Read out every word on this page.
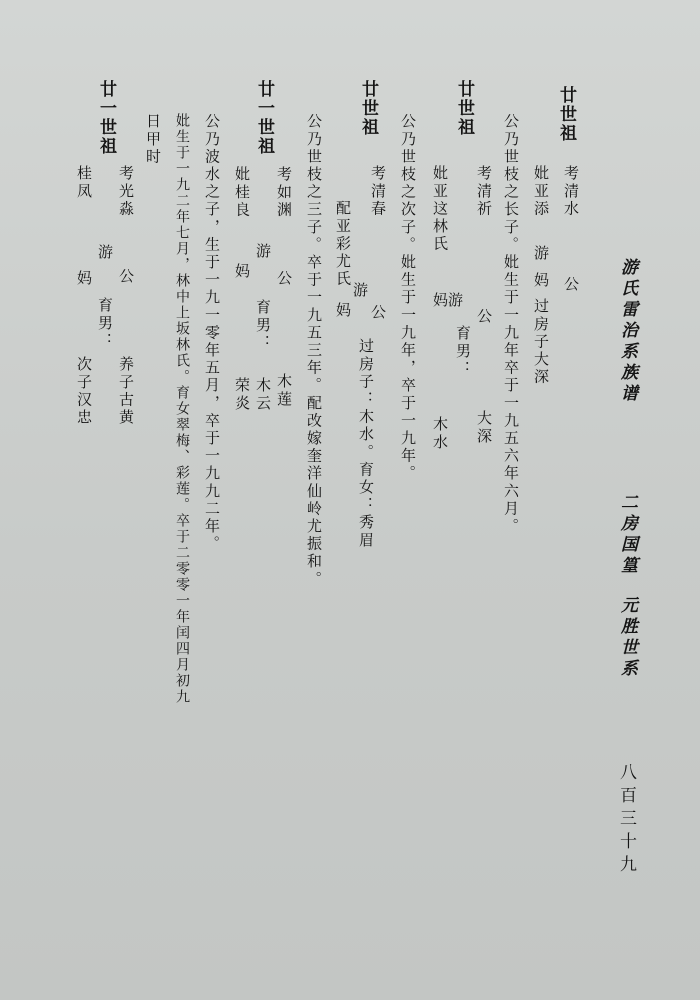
游氏雷治系族谱
二房国篁
元胜世系
八百三十九
廿世祖
考清水
公
妣亚添
游
妈
过房子大深
公乃世枝之长子。妣生于一九年卒于一九五六年六月。
廿世祖
考清祈
公
大深
妣亚这林氏
游
妈
育男：
木水
公乃世枝之次子。妣生于一九年，卒于一九年。
廿世祖
考清春
公
配亚彩尤氏
游
妈
过房子：木水。育女：秀眉
公乃世枝之三子。卒于一九五三年。配改嫁奎洋仙岭尤振和。
廿一世祖
考如渊
公
木莲
妣桂良
游
妈
育男：
木云
荣炎
公乃波水之子，生于一九一零年五月，卒于一九九二年。
妣生于一九二年七月，林中上坂林氏。育女翠梅、彩莲。卒于二零零一年闰四月初九
日甲时
廿一世祖
考光淼
公
养子古黄
桂凤
游
妈
育男：
次子汉忠
